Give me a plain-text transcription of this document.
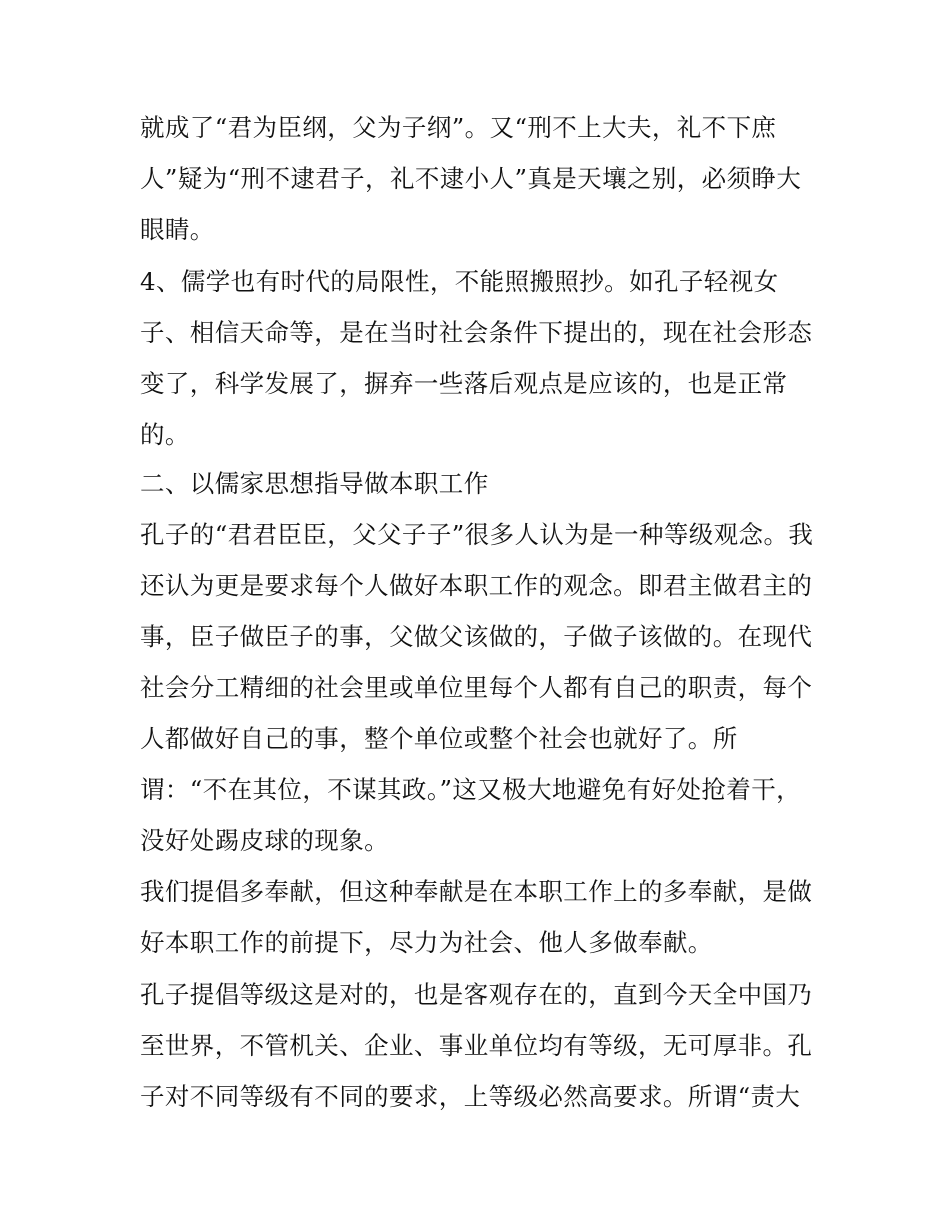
就成了“君为臣纲，父为子纲”。又“刑不上大夫，礼不下庶
人”疑为“刑不逮君子，礼不逮小人”真是天壤之别，必须睁大
眼睛。
4、儒学也有时代的局限性，不能照搬照抄。如孔子轻视女
子、相信天命等，是在当时社会条件下提出的，现在社会形态
变了，科学发展了，摒弃一些落后观点是应该的，也是正常
的。
二、以儒家思想指导做本职工作
孔子的“君君臣臣，父父子子”很多人认为是一种等级观念。我
还认为更是要求每个人做好本职工作的观念。即君主做君主的
事，臣子做臣子的事，父做父该做的，子做子该做的。在现代
社会分工精细的社会里或单位里每个人都有自己的职责，每个
人都做好自己的事，整个单位或整个社会也就好了。所
谓：“不在其位，不谋其政。”这又极大地避免有好处抢着干，
没好处踢皮球的现象。
我们提倡多奉献，但这种奉献是在本职工作上的多奉献，是做
好本职工作的前提下，尽力为社会、他人多做奉献。
孔子提倡等级这是对的，也是客观存在的，直到今天全中国乃
至世界，不管机关、企业、事业单位均有等级，无可厚非。孔
子对不同等级有不同的要求，上等级必然高要求。所谓“责大
